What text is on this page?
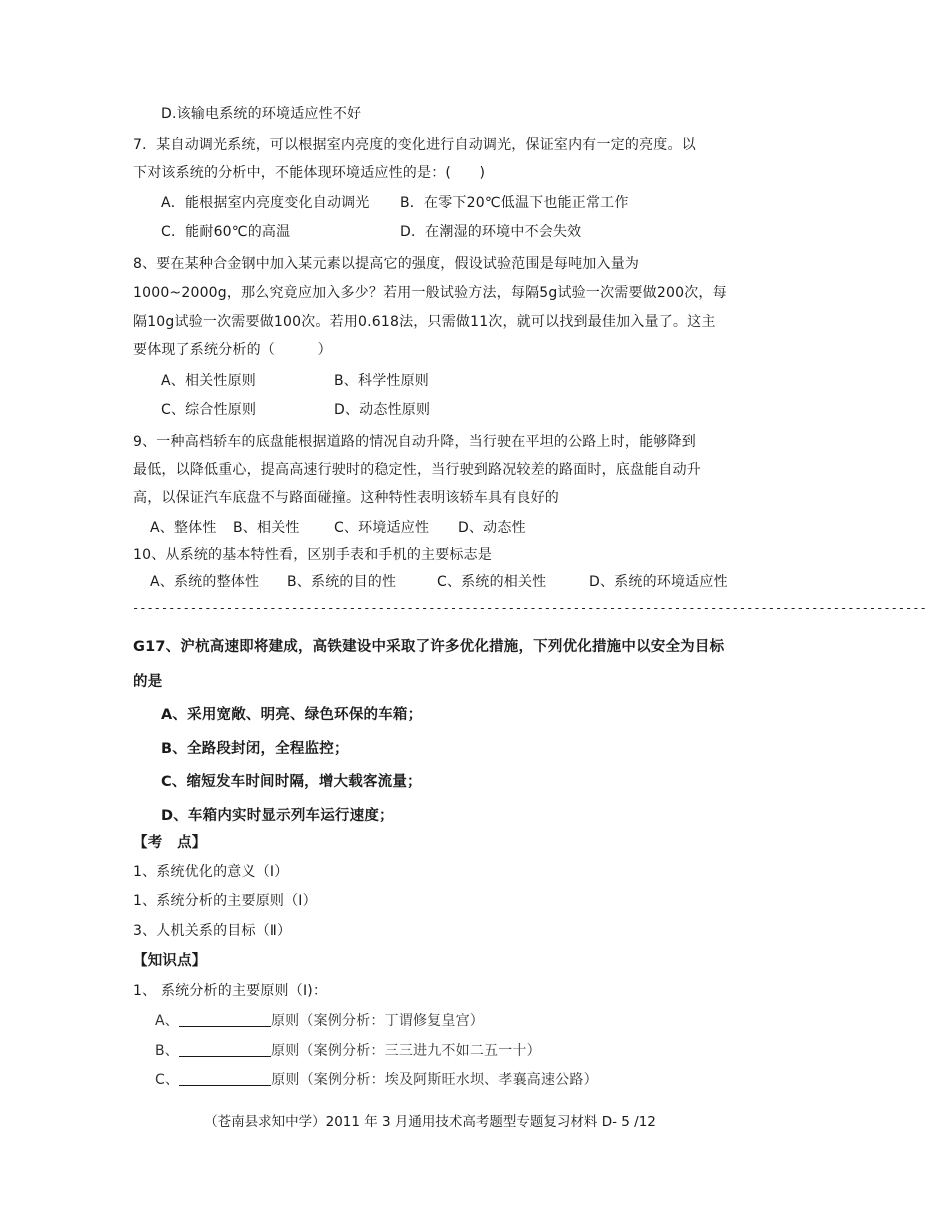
D.该输电系统的环境适应性不好
7．某自动调光系统，可以根据室内亮度的变化进行自动调光，保证室内有一定的亮度。以
下对该系统的分析中，不能体现环境适应性的是：(　　)
A．能根据室内亮度变化自动调光 B．在零下20℃低温下也能正常工作
C．能耐60℃的高温	D．在潮湿的环境中不会失效
8、要在某种合金钢中加入某元素以提高它的强度，假设试验范围是每吨加入量为
1000~2000g，那么究竟应加入多少？若用一般试验方法，每隔5g试验一次需要做200次，每
隔10g试验一次需要做100次。若用0.618法，只需做11次，就可以找到最佳加入量了。这主
要体现了系统分析的（　　　）
A、相关性原则	B、科学性原则
C、综合性原则	D、动态性原则
9、一种高档轿车的底盘能根据道路的情况自动升降，当行驶在平坦的公路上时，能够降到
最低，以降低重心，提高高速行驶时的稳定性，当行驶到路况较差的路面时，底盘能自动升
高，以保证汽车底盘不与路面碰撞。这种特性表明该轿车具有良好的
A、整体性 B、相关性 C、环境适应性 D、动态性
10、从系统的基本特性看，区别手表和手机的主要标志是
A、系统的整体性 B、系统的目的性	C、系统的相关性	D、系统的环境适应性
--------------------------------------------------------------------------------------------------------------
G17、沪杭高速即将建成，高铁建设中采取了许多优化措施，下列优化措施中以安全为目标
的是
A、采用宽敞、明亮、绿色环保的车箱；
B、全路段封闭，全程监控；
C、缩短发车时间时隔，增大载客流量；
D、车箱内实时显示列车运行速度；
【考　点】
1、系统优化的意义（Ⅰ）
1、系统分析的主要原则（Ⅰ）
3、人机关系的目标（Ⅱ）
【知识点】
1、 系统分析的主要原则（Ⅰ)：
A、	原则（案例分析：丁谓修复皇宫）
B、	原则（案例分析：三三进九不如二五一十）
C、	原则（案例分析：埃及阿斯旺水坝、孝襄高速公路）
（苍南县求知中学）2011 年 3 月通用技术高考题型专题复习材料 D- 5 /12
